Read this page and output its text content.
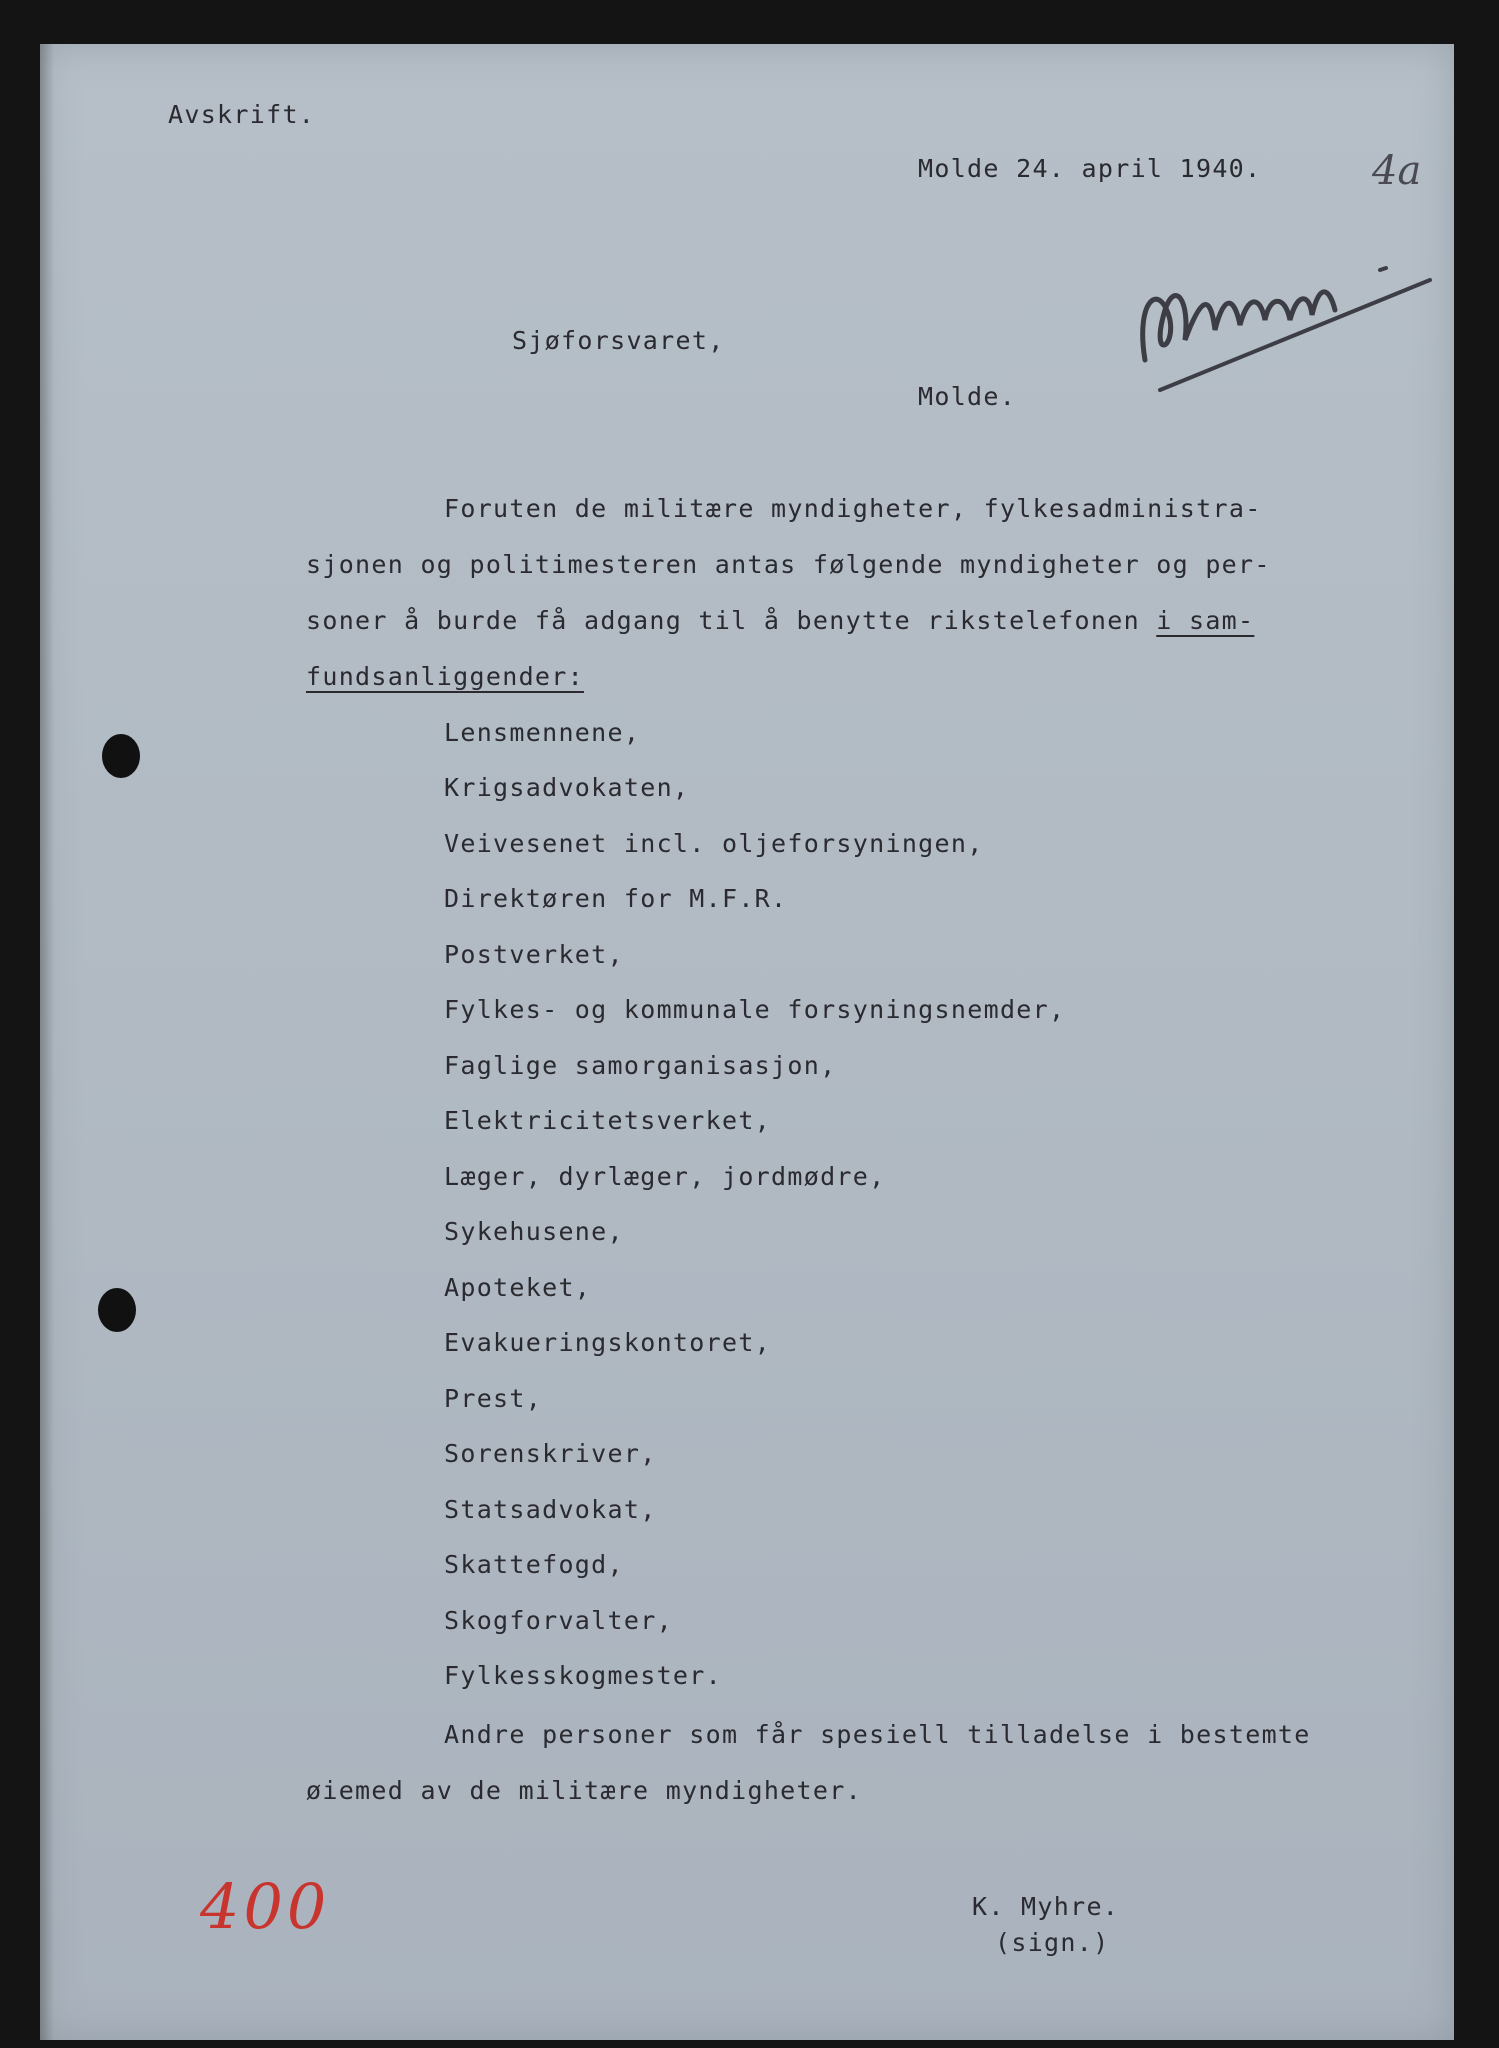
Avskrift.

Molde 24. april 1940.	4a

Sjøforsvaret,

Molde.

Foruten de militære myndigheter, fylkesadministra-

sjonen og politimesteren antas følgende myndigheter og per-

soner å burde få adgang til å benytte rikstelefonen i sam-

fundsanliggender:

Lensmennene,

Krigsadvokaten,

Veivesenet incl. oljeforsyningen,

Direktøren for M.F.R.

Postverket,

Fylkes- og kommunale forsyningsnemder,

Faglige samorganisasjon,

Elektricitetsverket,

Læger, dyrlæger, jordmødre,

Sykehusene,

Apoteket,

Evakueringskontoret,

Prest,

Sorenskriver,

Statsadvokat,

Skattefogd,

Skogforvalter,

Fylkesskogmester.

Andre personer som får spesiell tilladelse i bestemte

øiemed av de militære myndigheter.

400	K. Myhre.

(sign.)
